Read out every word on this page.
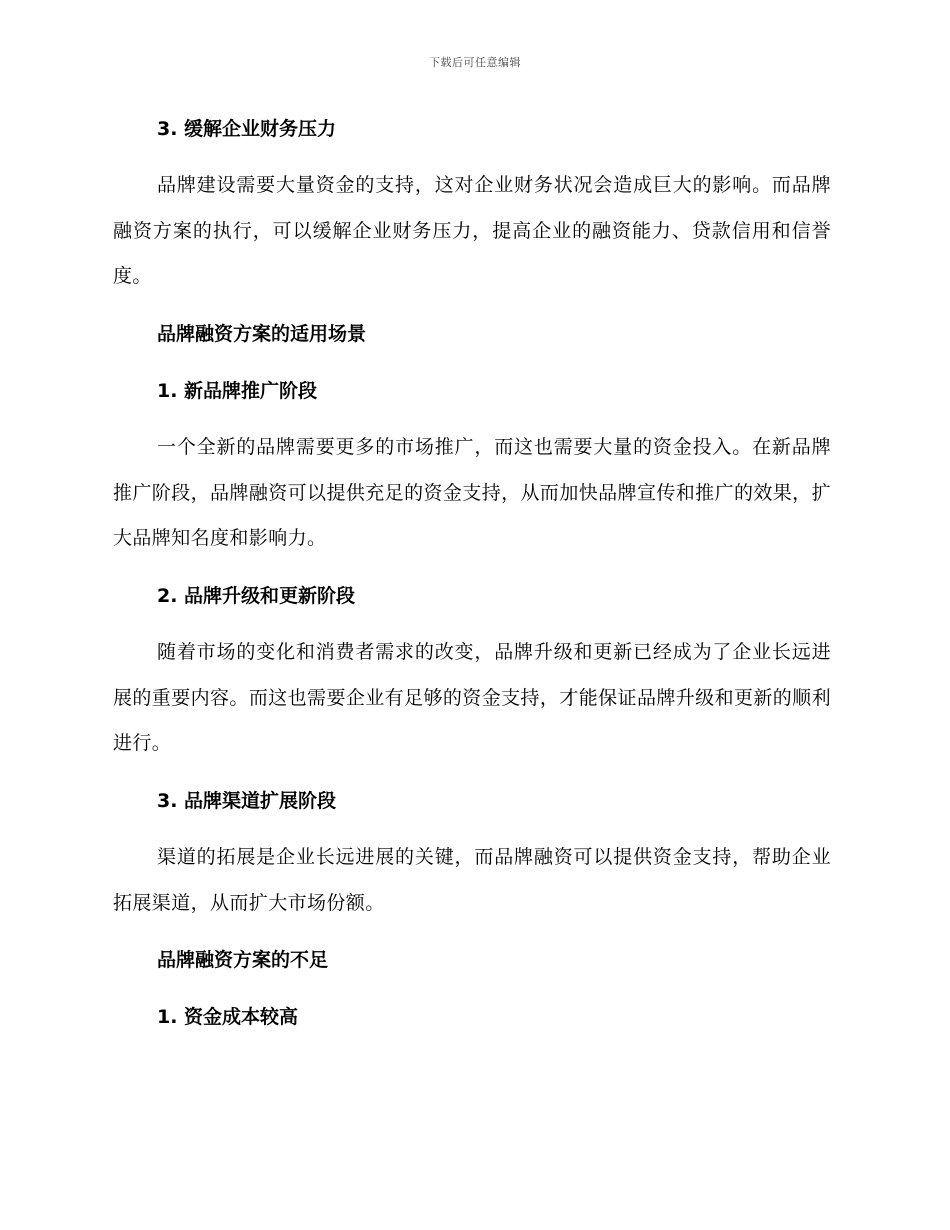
下载后可任意编辑
3. 缓解企业财务压力
品牌建设需要大量资金的支持，这对企业财务状况会造成巨大的影响。而品牌融资方案的执行，可以缓解企业财务压力，提高企业的融资能力、贷款信用和信誉度。
品牌融资方案的适用场景
1. 新品牌推广阶段
一个全新的品牌需要更多的市场推广，而这也需要大量的资金投入。在新品牌推广阶段，品牌融资可以提供充足的资金支持，从而加快品牌宣传和推广的效果，扩大品牌知名度和影响力。
2. 品牌升级和更新阶段
随着市场的变化和消费者需求的改变，品牌升级和更新已经成为了企业长远进展的重要内容。而这也需要企业有足够的资金支持，才能保证品牌升级和更新的顺利进行。
3. 品牌渠道扩展阶段
渠道的拓展是企业长远进展的关键，而品牌融资可以提供资金支持，帮助企业拓展渠道，从而扩大市场份额。
品牌融资方案的不足
1. 资金成本较高
